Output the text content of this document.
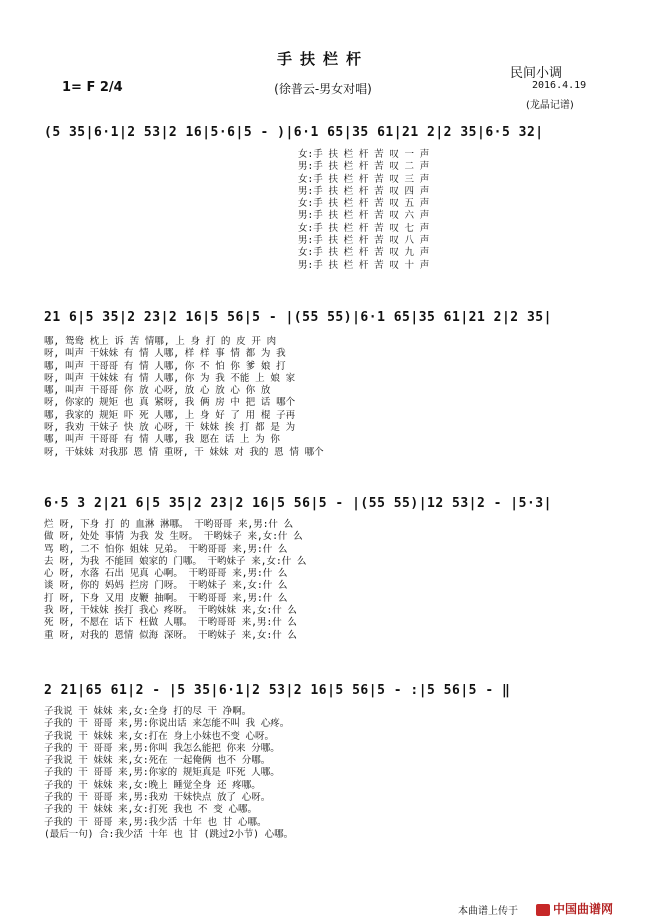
手扶栏杆
(徐普云-男女对唱)
1= F 2/4
民间小调
2016.4.19
(龙晶记谱)
(5 35|6·1|2 53|2 16|5·6|5 - )|6·1 65|35 61|21 2|2 35|6·5 32|
女:手 扶 栏 杆 苦 叹 一 声
男:手 扶 栏 杆 苦 叹 二 声
女:手 扶 栏 杆 苦 叹 三 声
男:手 扶 栏 杆 苦 叹 四 声
女:手 扶 栏 杆 苦 叹 五 声
男:手 扶 栏 杆 苦 叹 六 声
女:手 扶 栏 杆 苦 叹 七 声
男:手 扶 栏 杆 苦 叹 八 声
女:手 扶 栏 杆 苦 叹 九 声
男:手 扶 栏 杆 苦 叹 十 声
21 6|5 35|2 23|2 16|5 56|5 - |(55 55)|6·1 65|35 61|21 2|2 35|
哪, 鸳鸯 枕上 诉 苦 情哪, 上 身 打 的 皮 开 肉
呀, 叫声 干妹妹 有 情 人哪, 样 样 事 情 都 为 我
哪, 叫声 干哥哥 有 情 人哪, 你 不 怕 你 爹 娘 打
呀, 叫声 干妹妹 有 情 人哪, 你 为 我 不能 上 娘 家
哪, 叫声 干哥哥 你 放 心呀, 放 心 放 心 你 放
呀, 你家的 规矩 也 真 紧呀, 我 俩 房 中 把 话 哪个
哪, 我家的 规矩 吓 死 人哪, 上 身 好 了 用 棍 子再
呀, 我劝 干妹子 快 放 心呀, 干 妹妹 挨 打 都 是 为
哪, 叫声 干哥哥 有 情 人哪, 我 愿在 话 上 为 你
呀, 干妹妹 对我那 恩 情 重呀, 干 妹妹 对 我的 恩 情 哪个
6·5 3 2|21 6|5 35|2 23|2 16|5 56|5 - |(55 55)|12 53|2 - |5·3|
烂 呀, 下身 打 的 血淋 淋哪。 干哟哥哥 来,男:什 么
做 呀, 处处 事情 为我 发 生呀。 干哟妹子 来,女:什 么
骂 哟, 二不 怕你 姐妹 兄弟。 干哟哥哥 来,男:什 么
去 呀, 为我 不能回 娘家的 门哪。 干哟妹子 来,女:什 么
心 呀, 水落 石出 见真 心啊。 干哟哥哥 来,男:什 么
谈 呀, 你的 妈妈 拦房 门呀。 干哟妹子 来,女:什 么
打 呀, 下身 又用 皮鞭 抽啊。 干哟哥哥 来,男:什 么
我 呀, 干妹妹 挨打 我心 疼呀。 干哟妹妹 来,女:什 么
死 呀, 不愿在 话下 枉做 人哪。 干哟哥哥 来,男:什 么
重 呀, 对我的 恩情 似海 深呀。 干哟妹子 来,女:什 么
2 21|65 61|2 - |5 35|6·1|2 53|2 16|5 56|5 - :|5 56|5 - ‖
子我说 干 妹妹 来,女:全身 打的尽 干 净啊。
子我的 干 哥哥 来,男:你说出话 来怎能不叫 我 心疼。
子我说 干 妹妹 来,女:打在 身上小妹也不变 心呀。
子我的 干 哥哥 来,男:你叫 我怎么能把 你来 分哪。
子我说 干 妹妹 来,女:死在 一起俺俩 也不 分哪。
子我的 干 哥哥 来,男:你家的 规矩真是 吓死 人哪。
子我的 干 妹妹 来,女:晚上 睡觉全身 还 疼哪。
子我的 干 哥哥 来,男:我劝 干妹快点 放了 心呀。
子我的 干 妹妹 来,女:打死 我也 不 变 心哪。
子我的 干 哥哥 来,男:我少活 十年 也 甘 心哪。
(最后一句) 合:我少活 十年 也 甘 (跳过2小节) 心哪。
本曲谱上传于	中国曲谱网
